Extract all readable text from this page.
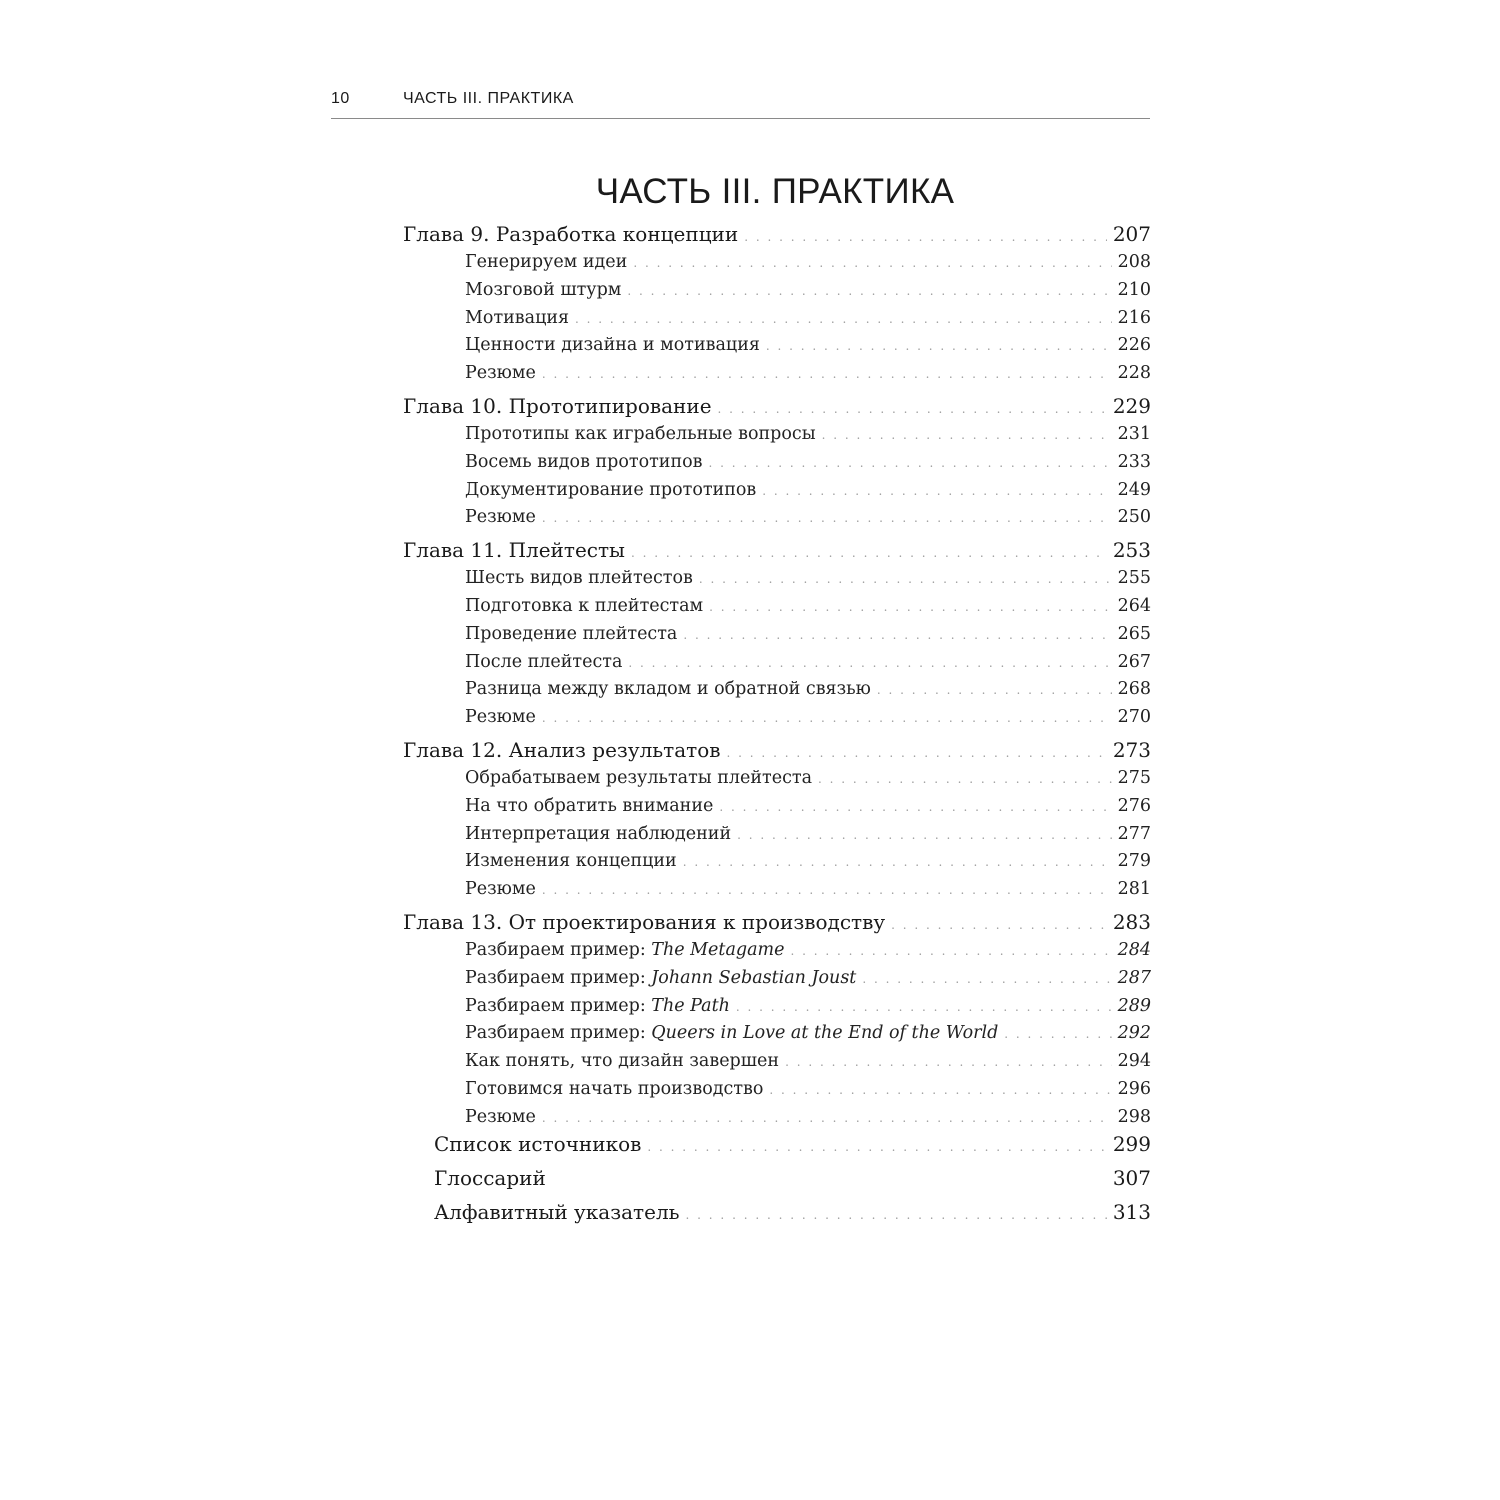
10	ЧАСТЬ III. ПРАКТИКА
ЧАСТЬ III. ПРАКТИКА
Глава 9. Разработка концепции . . .	207
Генерируем идеи . . .	208
Мозговой штурм . . .	210
Мотивация . . .	216
Ценности дизайна и мотивация . . .	226
Резюме . . .	228
Глава 10. Прототипирование . . .	229
Прототипы как играбельные вопросы . . .	231
Восемь видов прототипов . . .	233
Документирование прототипов . . .	249
Резюме . . .	250
Глава 11. Плейтесты . . .	253
Шесть видов плейтестов . . .	255
Подготовка к плейтестам . . .	264
Проведение плейтеста . . .	265
После плейтеста . . .	267
Разница между вкладом и обратной связью . . .	268
Резюме . . .	270
Глава 12. Анализ результатов . . .	273
Обрабатываем результаты плейтеста . . .	275
На что обратить внимание . . .	276
Интерпретация наблюдений . . .	277
Изменения концепции . . .	279
Резюме . . .	281
Глава 13. От проектирования к производству . . .	283
Разбираем пример: The Metagame . . .	284
Разбираем пример: Johann Sebastian Joust . . .	287
Разбираем пример: The Path . . .	289
Разбираем пример: Queers in Love at the End of the World . . .	292
Как понять, что дизайн завершен . . .	294
Готовимся начать производство . . .	296
Резюме . . .	298
Список источников . . .	299
Глоссарий	307
Алфавитный указатель . . .	313
